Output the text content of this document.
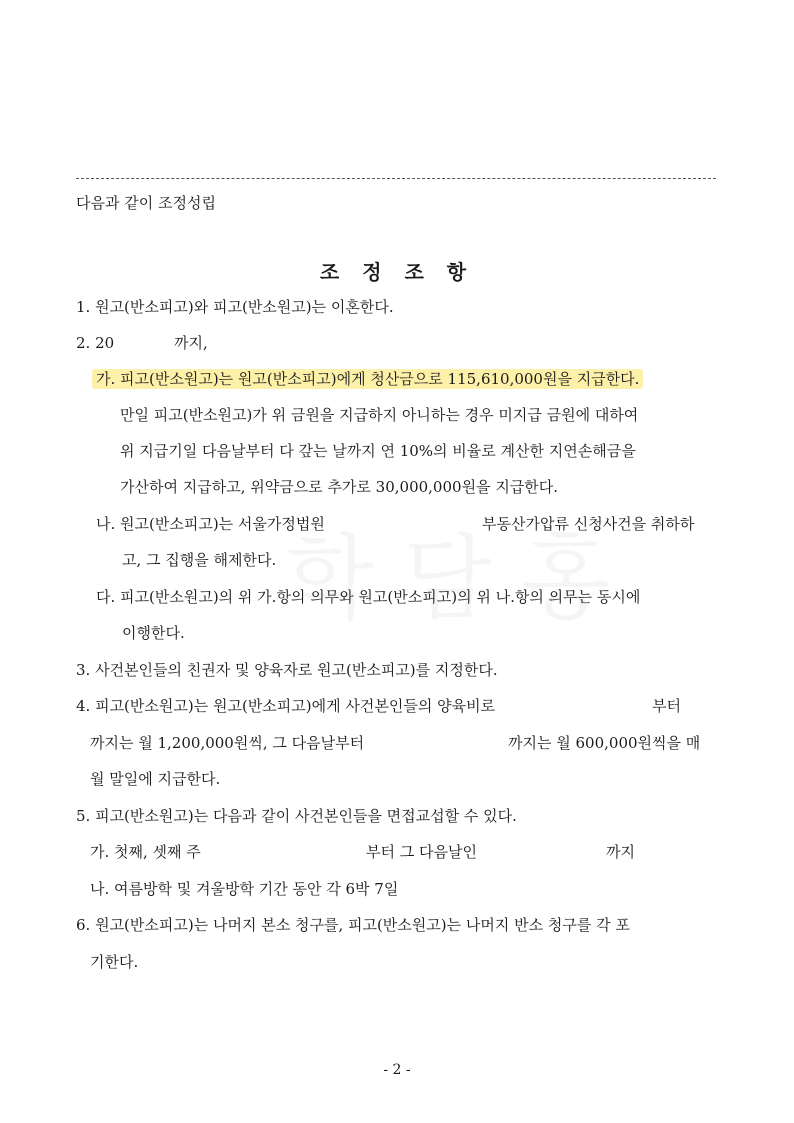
다음과 같이 조정성립
조 정 조 항
1. 원고(반소피고)와 피고(반소원고)는 이혼한다.
2. 20	까지,
가. 피고(반소원고)는 원고(반소피고)에게 청산금으로 115,610,000원을 지급한다.
만일 피고(반소원고)가 위 금원을 지급하지 아니하는 경우 미지급 금원에 대하여
위 지급기일 다음날부터 다 갚는 날까지 연 10%의 비율로 계산한 지연손해금을
가산하여 지급하고, 위약금으로 추가로 30,000,000원을 지급한다.
나. 원고(반소피고)는 서울가정법원	부동산가압류 신청사건을 취하하
고, 그 집행을 해제한다.
다. 피고(반소원고)의 위 가.항의 의무와 원고(반소피고)의 위 나.항의 의무는 동시에
이행한다.
3. 사건본인들의 친권자 및 양육자로 원고(반소피고)를 지정한다.
4. 피고(반소원고)는 원고(반소피고)에게 사건본인들의 양육비로	부터
까지는 월 1,200,000원씩, 그 다음날부터	까지는 월 600,000원씩을 매
월 말일에 지급한다.
5. 피고(반소원고)는 다음과 같이 사건본인들을 면접교섭할 수 있다.
가. 첫째, 셋째 주	부터 그 다음날인	까지
나. 여름방학 및 겨울방학 기간 동안 각 6박 7일
6. 원고(반소피고)는 나머지 본소 청구를, 피고(반소원고)는 나머지 반소 청구를 각 포
기한다.
- 2 -
